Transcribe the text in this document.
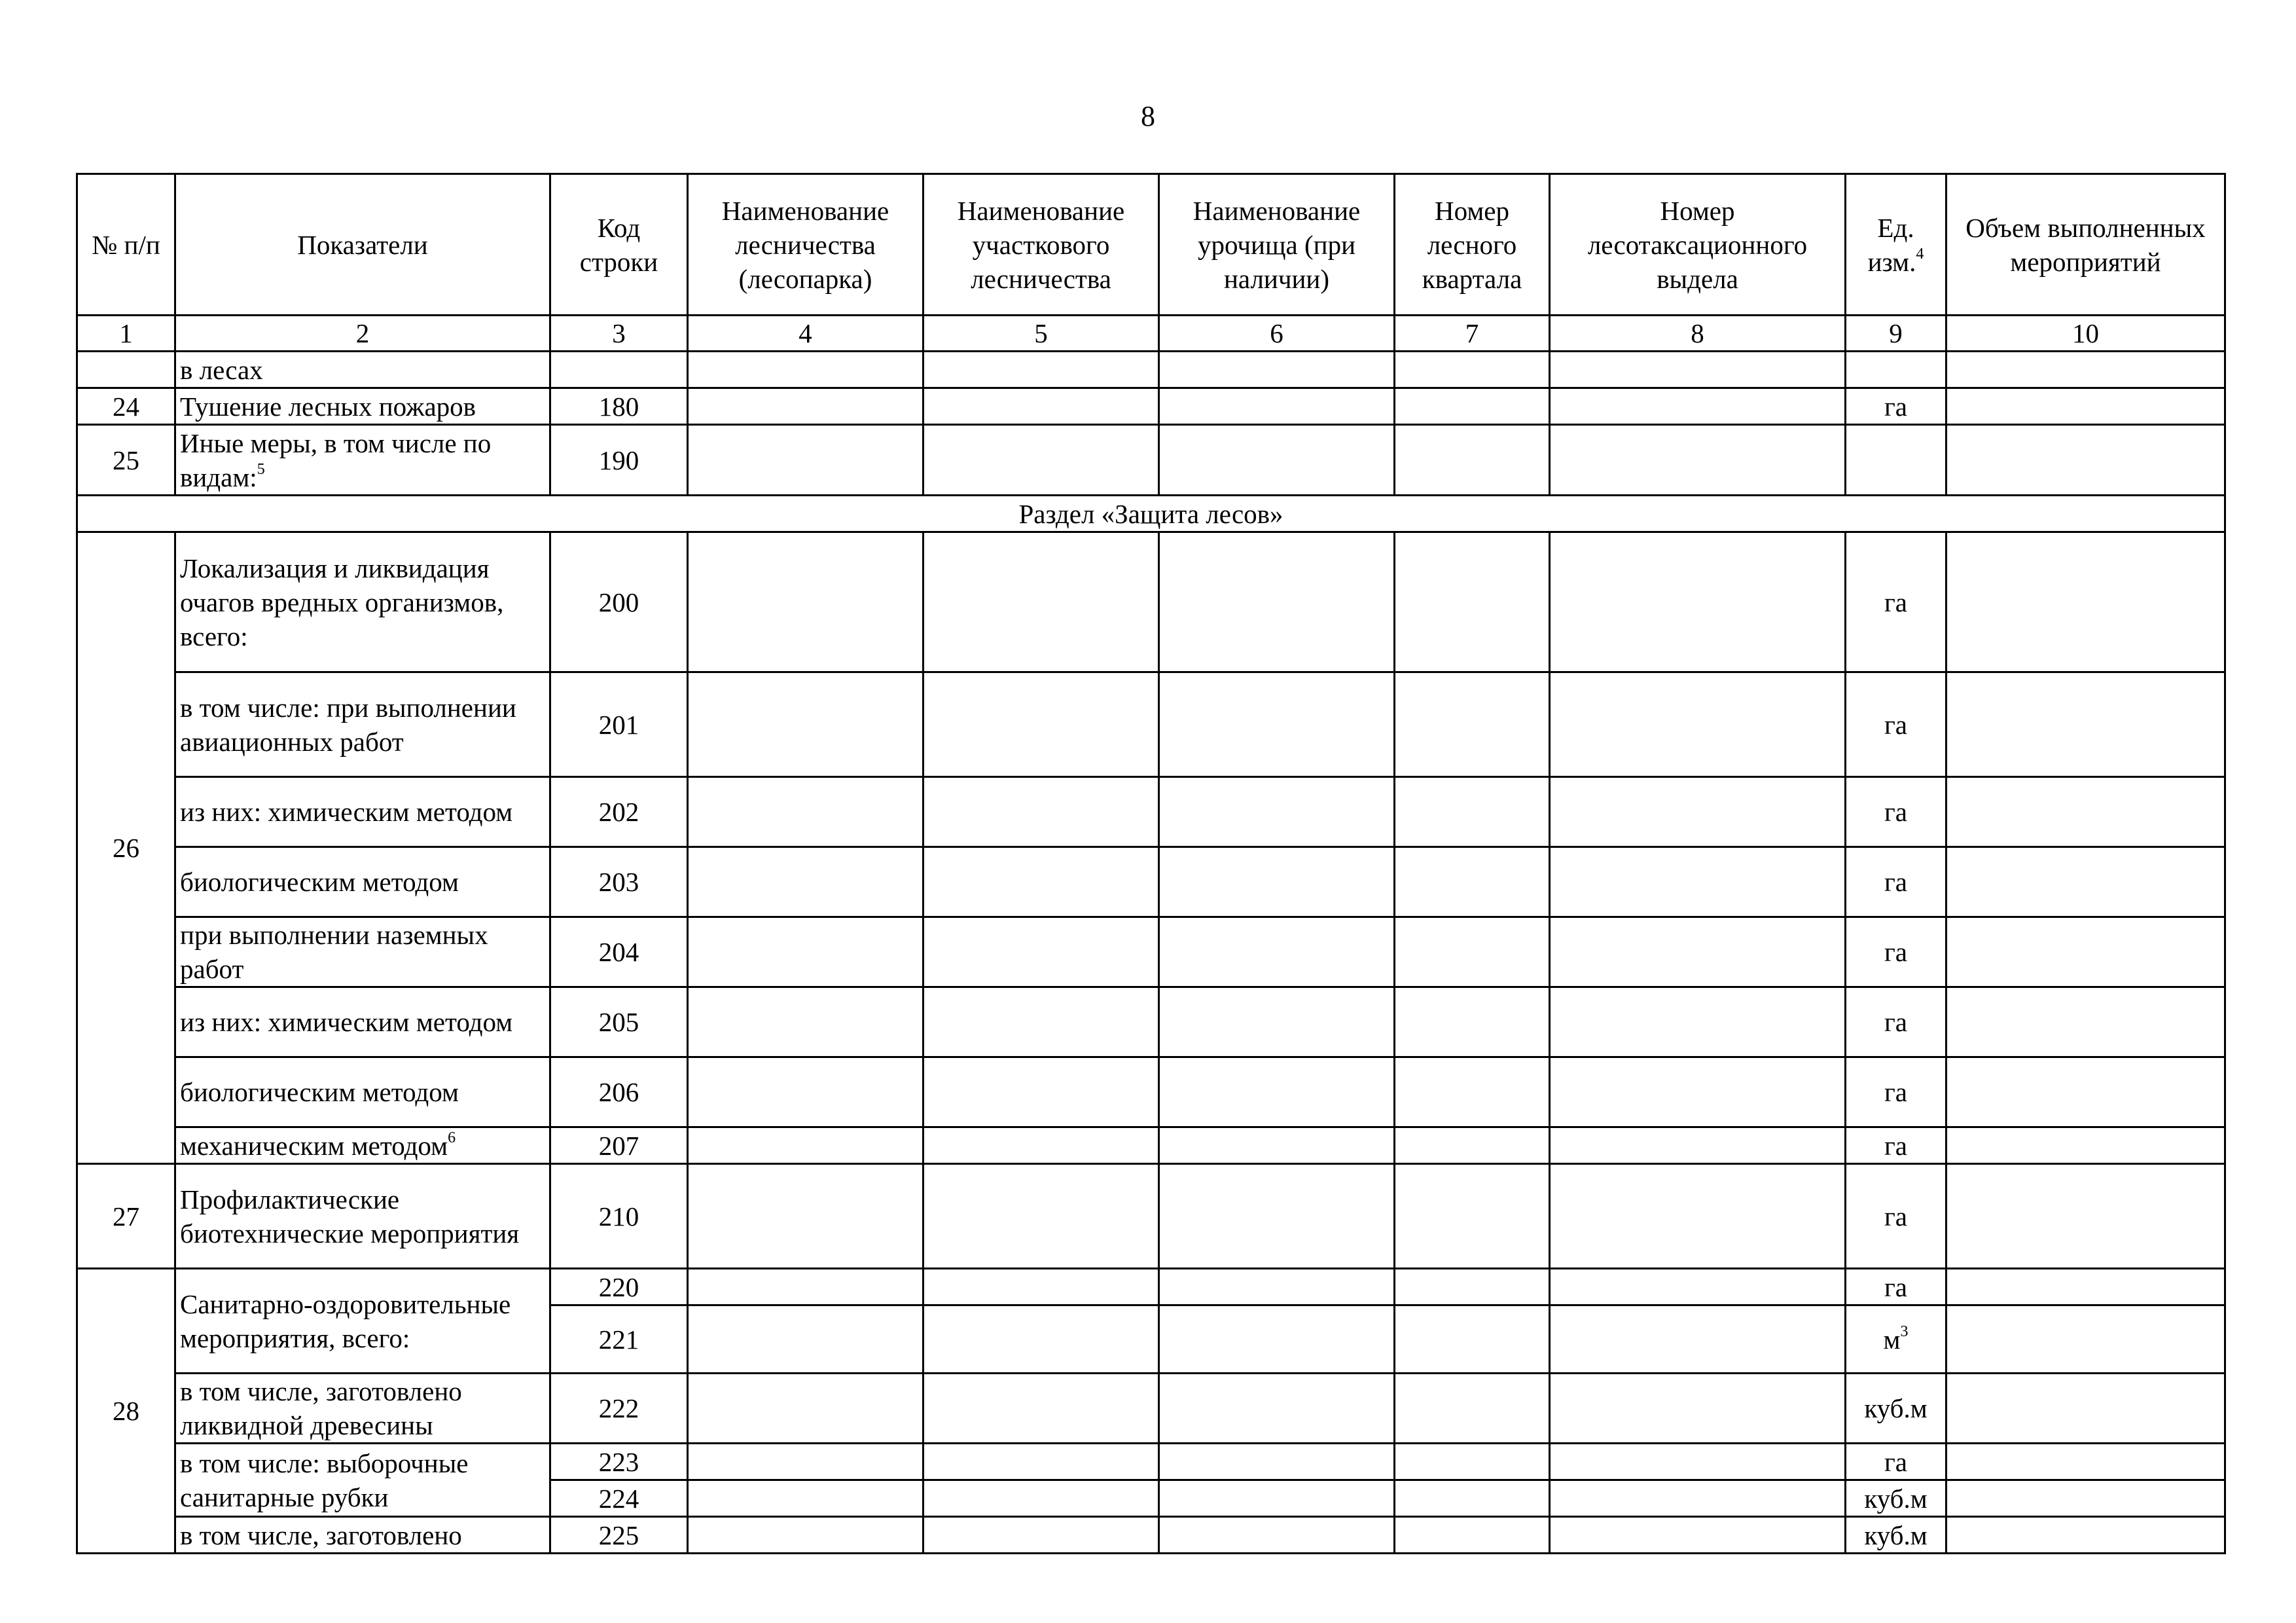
8
№ п/п	Показатели	Код строки	Наименование лесничества (лесопарка)	Наименование участкового лесничества	Наименование урочища (при наличии)	Номер лесного квартала	Номер лесотаксационного выдела	Ед. изм.$^4$	Объем выполненных мероприятий
1	2	3	4	5	6	7	8	9	10
	в лесах								
24	Тушение лесных пожаров	180						га	
25	Иные меры, в том числе по видам:$^5$	190							
Раздел «Защита лесов»									
26	Локализация и ликвидация очагов вредных организмов, всего:	200						га	
	в том числе: при выполнении авиационных работ	201						га	
	из них: химическим методом	202						га	
	биологическим методом	203						га	
	при выполнении наземных работ	204						га	
	из них: химическим методом	205						га	
	биологическим методом	206						га	
	механическим методом$^6$	207						га	
27	Профилактические биотехнические мероприятия	210						га	
28	Санитарно-оздоровительные мероприятия, всего:	220						га	
		221						$м^3$	
	в том числе, заготовлено ликвидной древесины	222						куб.м	
	в том числе: выборочные санитарные рубки	223						га	
		224						куб.м	
	в том числе, заготовлено	225						куб.м	
